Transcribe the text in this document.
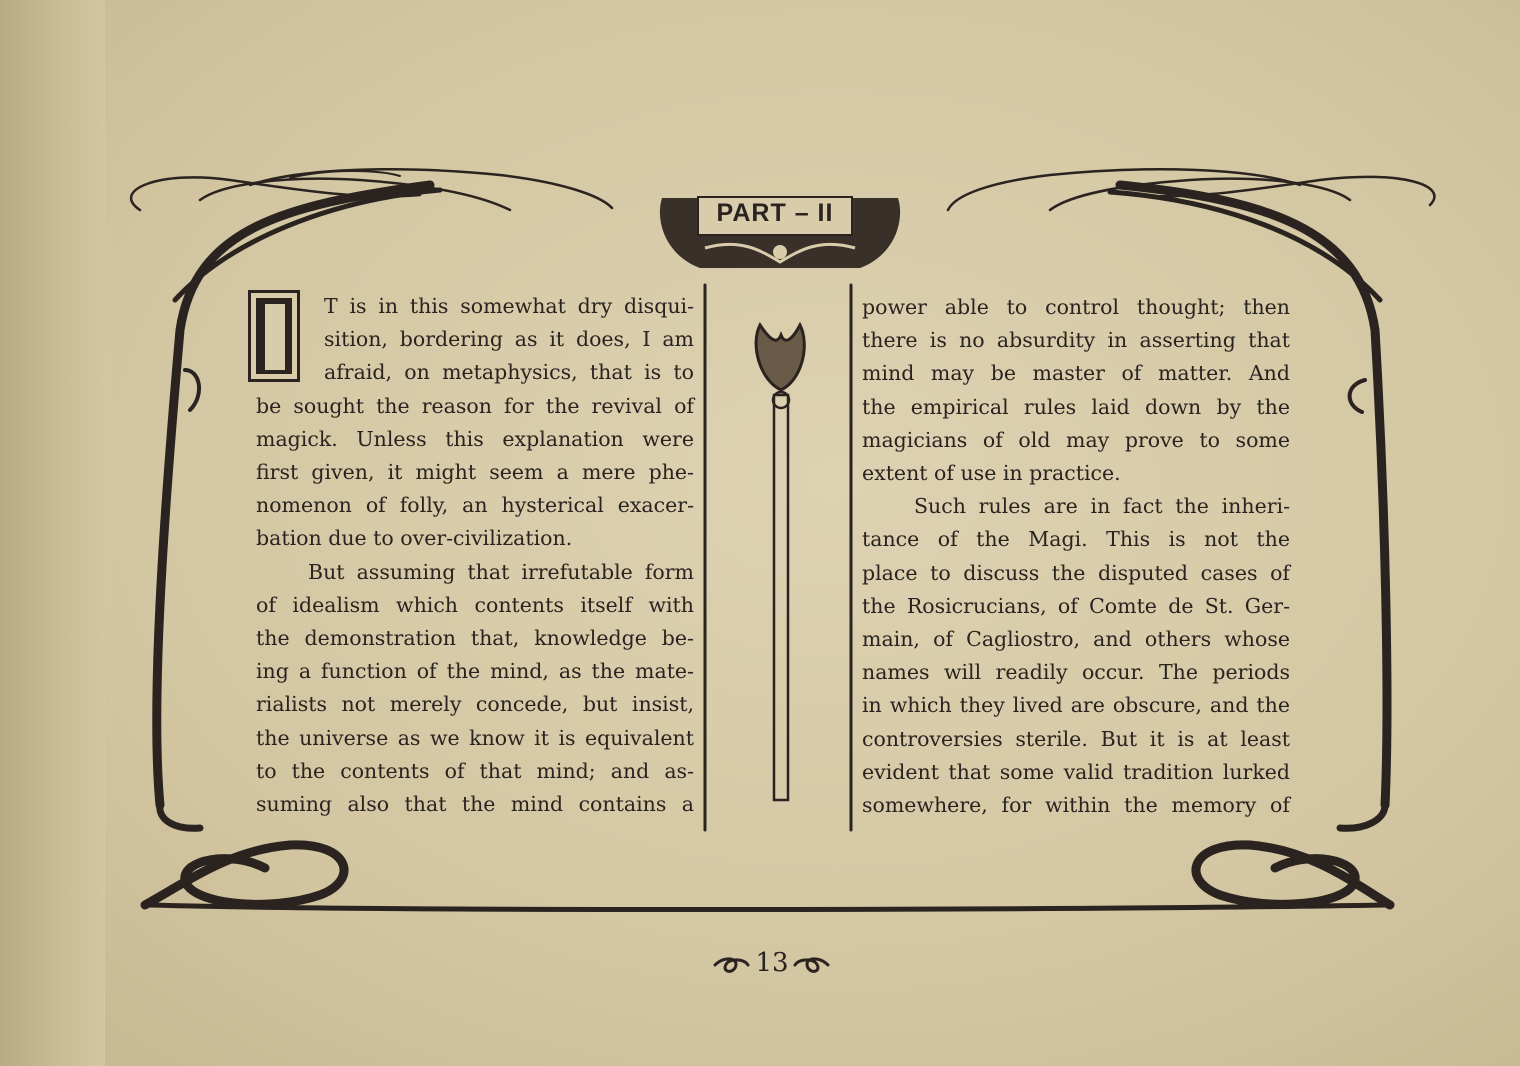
PART – II

T is in this somewhat dry disqui-
sition, bordering as it does, I am
afraid, on metaphysics, that is to
be sought the reason for the revival of
magick. Unless this explanation were
first given, it might seem a mere phe-
nomenon of folly, an hysterical exacer-
bation due to over-civilization.

But assuming that irrefutable form
of idealism which contents itself with
the demonstration that, knowledge be-
ing a function of the mind, as the mate-
rialists not merely concede, but insist,
the universe as we know it is equivalent
to the contents of that mind; and as-
suming also that the mind contains a

power able to control thought; then
there is no absurdity in asserting that
mind may be master of matter. And
the empirical rules laid down by the
magicians of old may prove to some
extent of use in practice.

Such rules are in fact the inheri-
tance of the Magi. This is not the
place to discuss the disputed cases of
the Rosicrucians, of Comte de St. Ger-
main, of Cagliostro, and others whose
names will readily occur. The periods
in which they lived are obscure, and the
controversies sterile. But it is at least
evident that some valid tradition lurked
somewhere, for within the memory of

13
